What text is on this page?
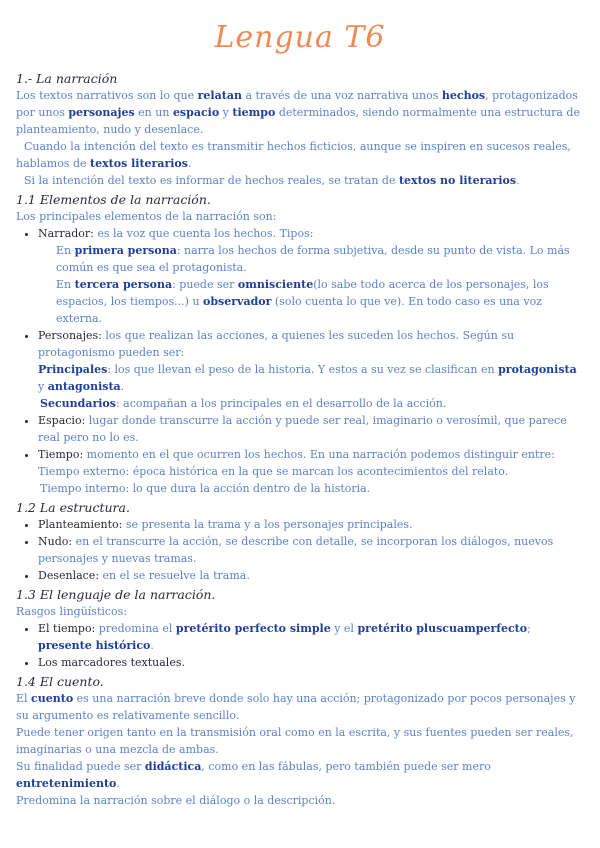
Lengua T6
1.- La narración

Los textos narrativos son lo que relatan a través de una voz narrativa unos hechos, protagonizados por unos personajes en un espacio y tiempo determinados, siendo normalmente una estructura de planteamiento, nudo y desenlace.

Cuando la intención del texto es transmitir hechos ficticios, aunque se inspiren en sucesos reales, hablamos de textos literarios.

Si la intención del texto es informar de hechos reales, se tratan de textos no literarios.

1.1 Elementos de la narración.

Los principales elementos de la narración son:

• Narrador: es la voz que cuenta los hechos. Tipos:
En primera persona: narra los hechos de forma subjetiva, desde su punto de vista. Lo más común es que sea el protagonista.
En tercera persona: puede ser omnisciente(lo sabe todo acerca de los personajes, los espacios, los tiempos...) u observador (solo cuenta lo que ve). En todo caso es una voz externa.
• Personajes: los que realizan las acciones, a quienes les suceden los hechos. Según su protagonismo pueden ser:
Principales: los que llevan el peso de la historia. Y estos a su vez se clasifican en protagonista y antagonista.
Secundarios: acompañan a los principales en el desarrollo de la acción.
• Espacio: lugar donde transcurre la acción y puede ser real, imaginario o verosímil, que parece real pero no lo es.
• Tiempo: momento en el que ocurren los hechos. En una narración podemos distinguir entre:
Tiempo externo: época histórica en la que se marcan los acontecimientos del relato.
Tiempo interno: lo que dura la acción dentro de la historia.
1.2 La estructura.
• Planteamiento: se presenta la trama y a los personajes principales.
• Nudo: en el transcurre la acción, se describe con detalle, se incorporan los diálogos, nuevos personajes y nuevas tramas.
• Desenlace: en el se resuelve la trama.
1.3 El lenguaje de la narración.

Rasgos lingüísticos:

• El tiempo: predomina el pretérito perfecto simple y el pretérito pluscuamperfecto; presente histórico.
• Los marcadores textuales.
1.4 El cuento.

El cuento es una narración breve donde solo hay una acción; protagonizado por pocos personajes y su argumento es relativamente sencillo.

Puede tener origen tanto en la transmisión oral como en la escrita, y sus fuentes pueden ser reales, imaginarias o una mezcla de ambas.

Su finalidad puede ser didáctica, como en las fábulas, pero también puede ser mero entretenimiento.

Predomina la narración sobre el diálogo o la descripción.
